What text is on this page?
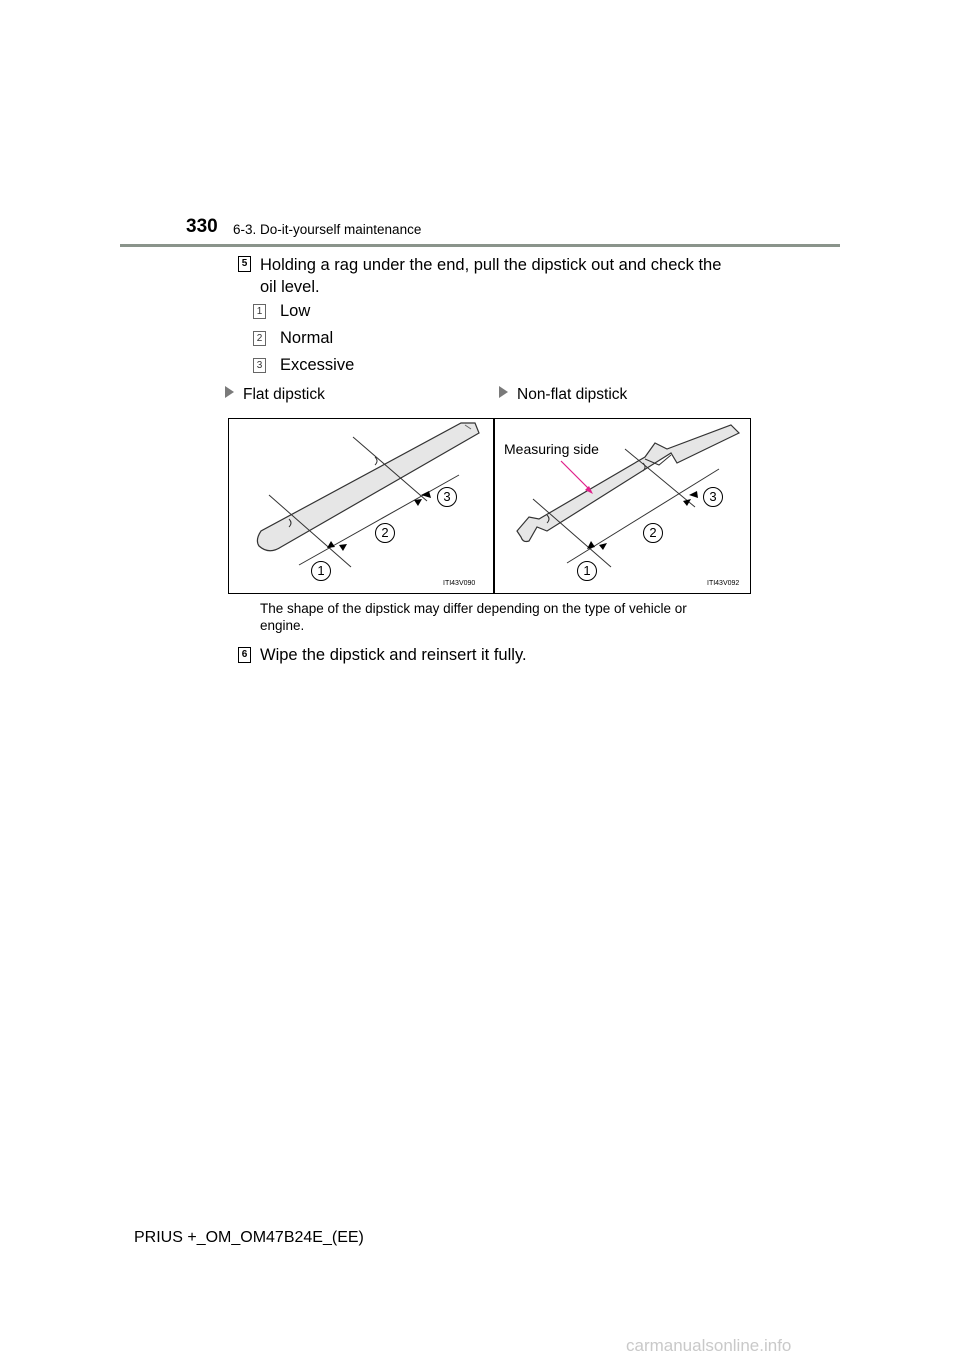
330 6-3. Do-it-yourself maintenance
5 Holding a rag under the end, pull the dipstick out and check the
oil level.
1 Low
2 Normal
3 Excessive
Flat dipstick	Non-flat dipstick
1
2
3
ITI43V090
Measuring side
1
2
3
ITI43V092
The shape of the dipstick may differ depending on the type of vehicle or
engine.
6 Wipe the dipstick and reinsert it fully.
PRIUS +_OM_OM47B24E_(EE)
carmanualsonline.info
